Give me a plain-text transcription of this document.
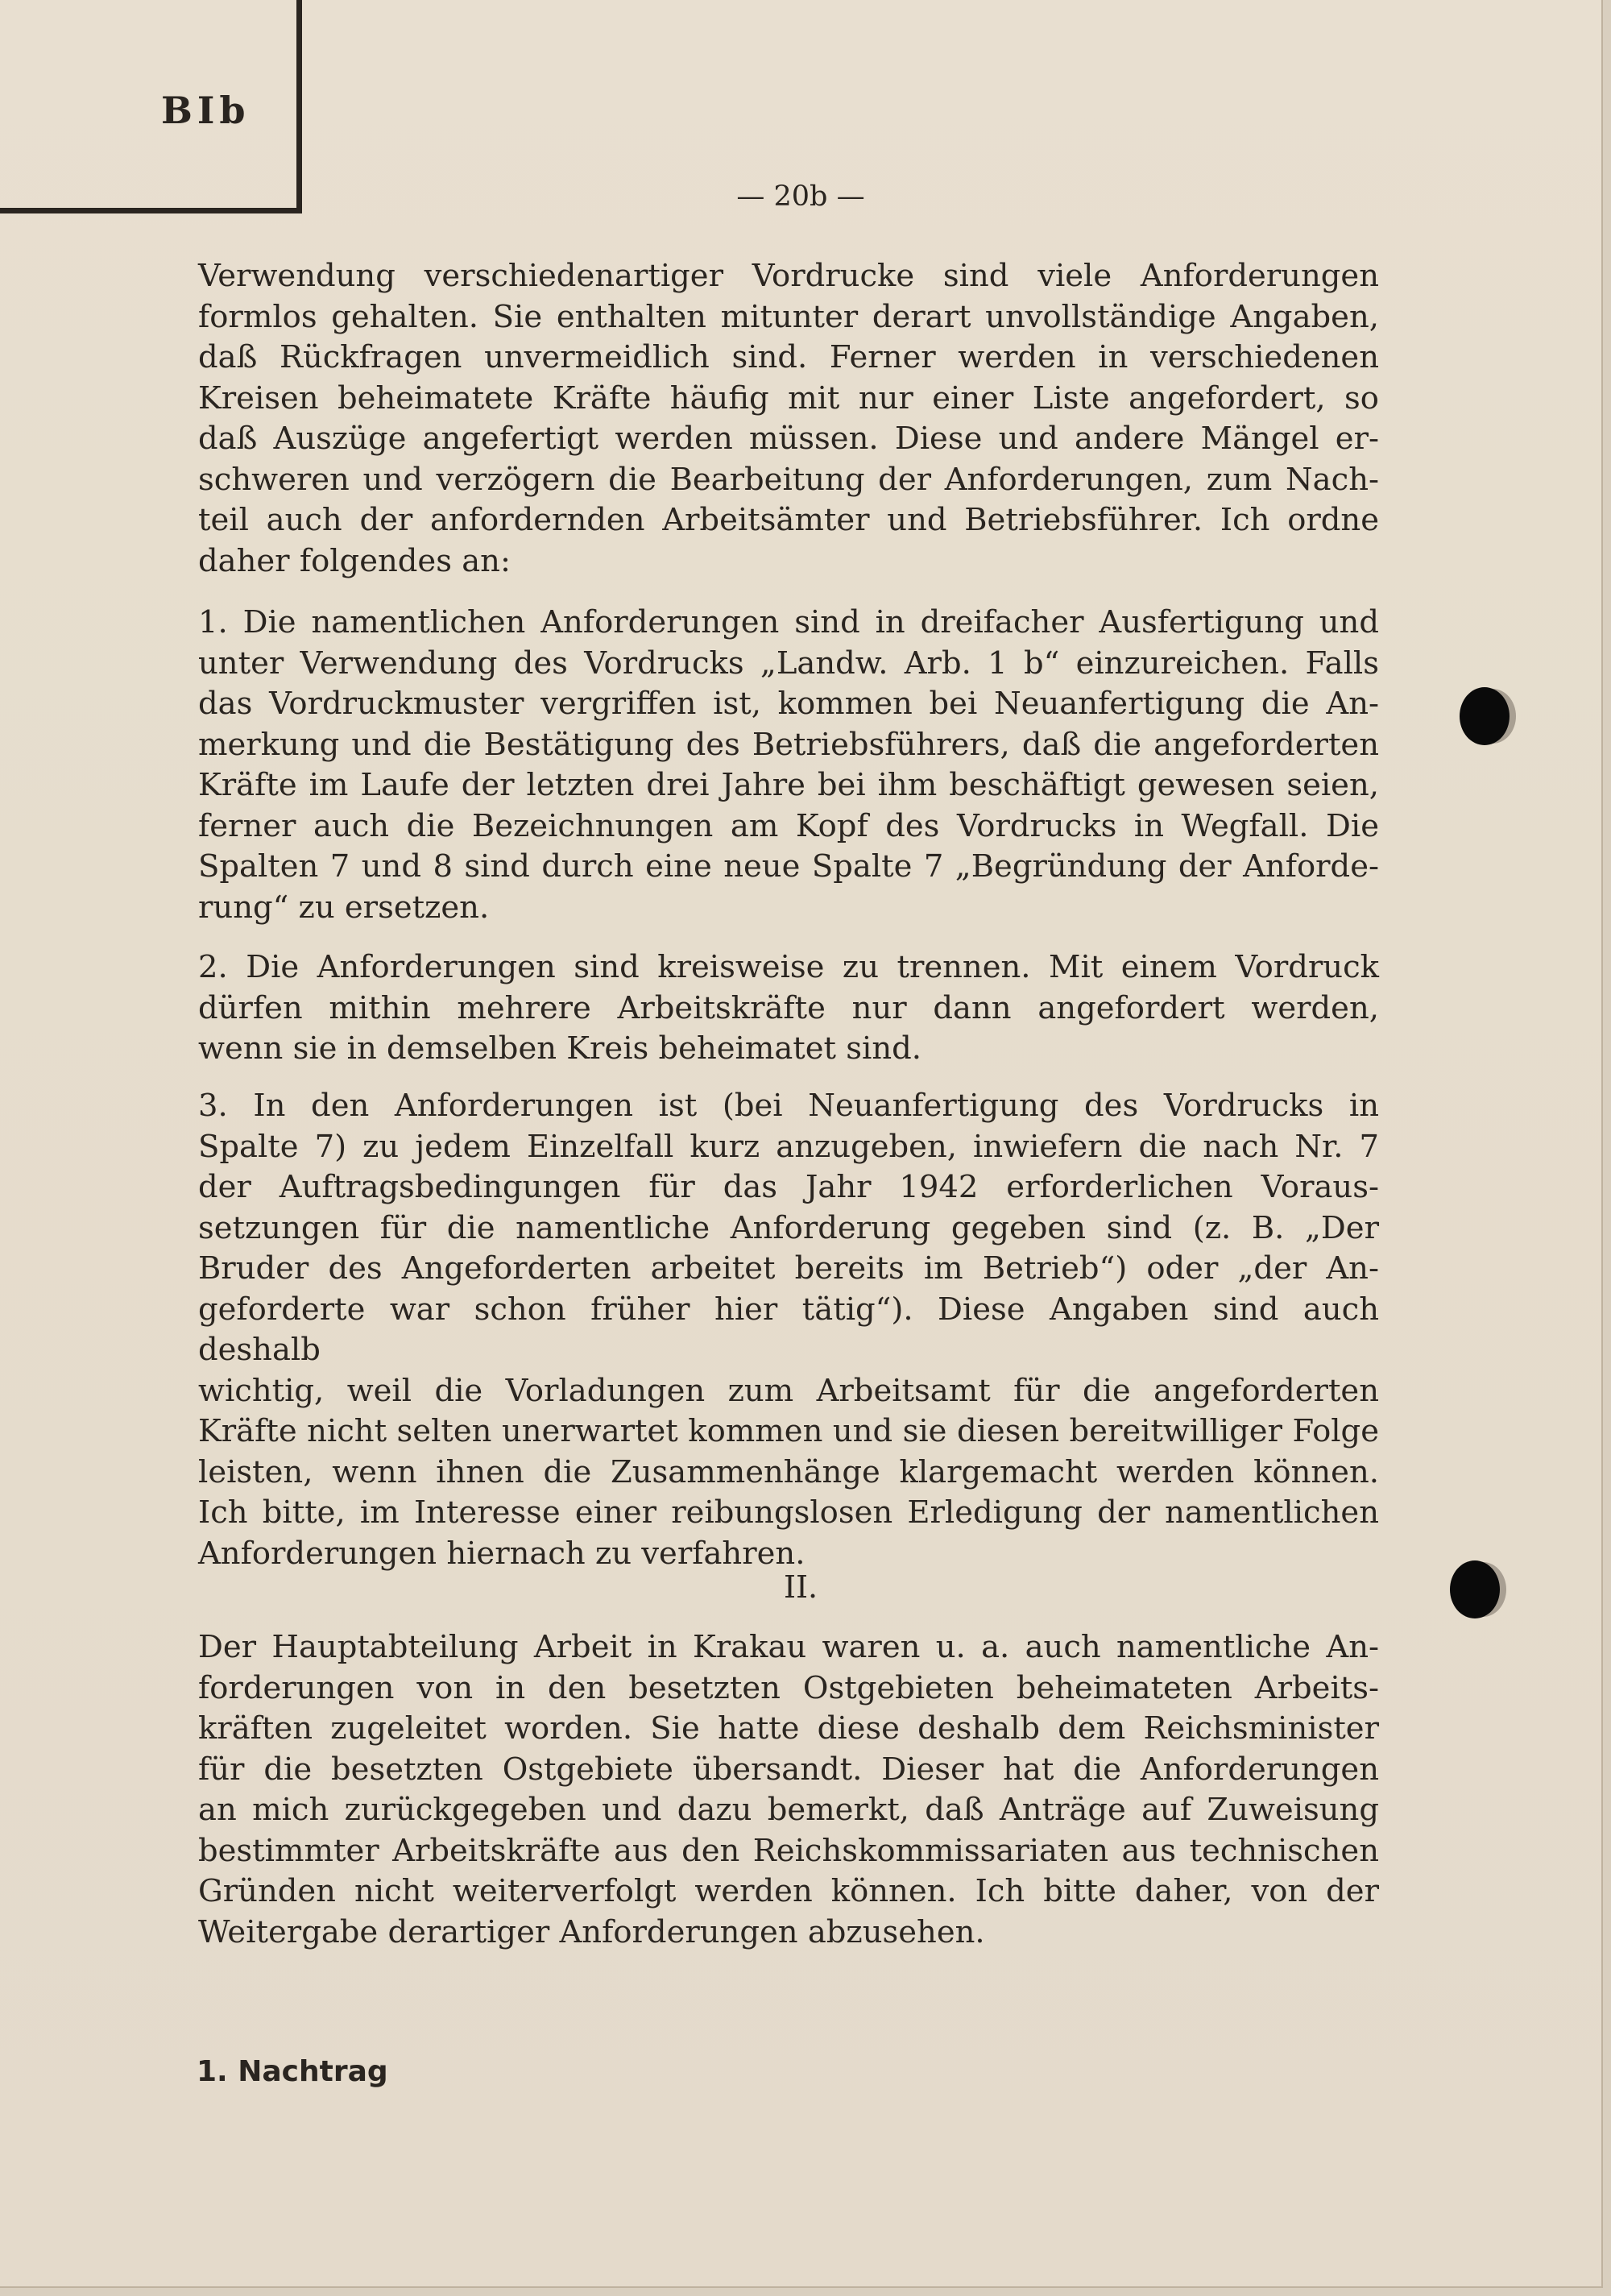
BIb
— 20b —
Verwendung verschiedenartiger Vordrucke sind viele Anforderungen
formlos gehalten. Sie enthalten mitunter derart unvollständige Angaben,
daß Rückfragen unvermeidlich sind. Ferner werden in verschiedenen
Kreisen beheimatete Kräfte häufig mit nur einer Liste angefordert, so
daß Auszüge angefertigt werden müssen. Diese und andere Mängel er-
schweren und verzögern die Bearbeitung der Anforderungen, zum Nach-
teil auch der anfordernden Arbeitsämter und Betriebsführer. Ich ordne
daher folgendes an:
1. Die namentlichen Anforderungen sind in dreifacher Ausfertigung und
unter Verwendung des Vordrucks „Landw. Arb. 1 b“ einzureichen. Falls
das Vordruckmuster vergriffen ist, kommen bei Neuanfertigung die An-
merkung und die Bestätigung des Betriebsführers, daß die angeforderten
Kräfte im Laufe der letzten drei Jahre bei ihm beschäftigt gewesen seien,
ferner auch die Bezeichnungen am Kopf des Vordrucks in Wegfall. Die
Spalten 7 und 8 sind durch eine neue Spalte 7 „Begründung der Anforde-
rung“ zu ersetzen.
2. Die Anforderungen sind kreisweise zu trennen. Mit einem Vordruck
dürfen mithin mehrere Arbeitskräfte nur dann angefordert werden,
wenn sie in demselben Kreis beheimatet sind.
3. In den Anforderungen ist (bei Neuanfertigung des Vordrucks in
Spalte 7) zu jedem Einzelfall kurz anzugeben, inwiefern die nach Nr. 7
der Auftragsbedingungen für das Jahr 1942 erforderlichen Voraus-
setzungen für die namentliche Anforderung gegeben sind (z. B. „Der
Bruder des Angeforderten arbeitet bereits im Betrieb“) oder „der An-
geforderte war schon früher hier tätig“). Diese Angaben sind auch deshalb
wichtig, weil die Vorladungen zum Arbeitsamt für die angeforderten
Kräfte nicht selten unerwartet kommen und sie diesen bereitwilliger Folge
leisten, wenn ihnen die Zusammenhänge klargemacht werden können.
Ich bitte, im Interesse einer reibungslosen Erledigung der namentlichen
Anforderungen hiernach zu verfahren.
II.
Der Hauptabteilung Arbeit in Krakau waren u. a. auch namentliche An-
forderungen von in den besetzten Ostgebieten beheimateten Arbeits-
kräften zugeleitet worden. Sie hatte diese deshalb dem Reichsminister
für die besetzten Ostgebiete übersandt. Dieser hat die Anforderungen
an mich zurückgegeben und dazu bemerkt, daß Anträge auf Zuweisung
bestimmter Arbeitskräfte aus den Reichskommissariaten aus technischen
Gründen nicht weiterverfolgt werden können. Ich bitte daher, von der
Weitergabe derartiger Anforderungen abzusehen.
1. Nachtrag
